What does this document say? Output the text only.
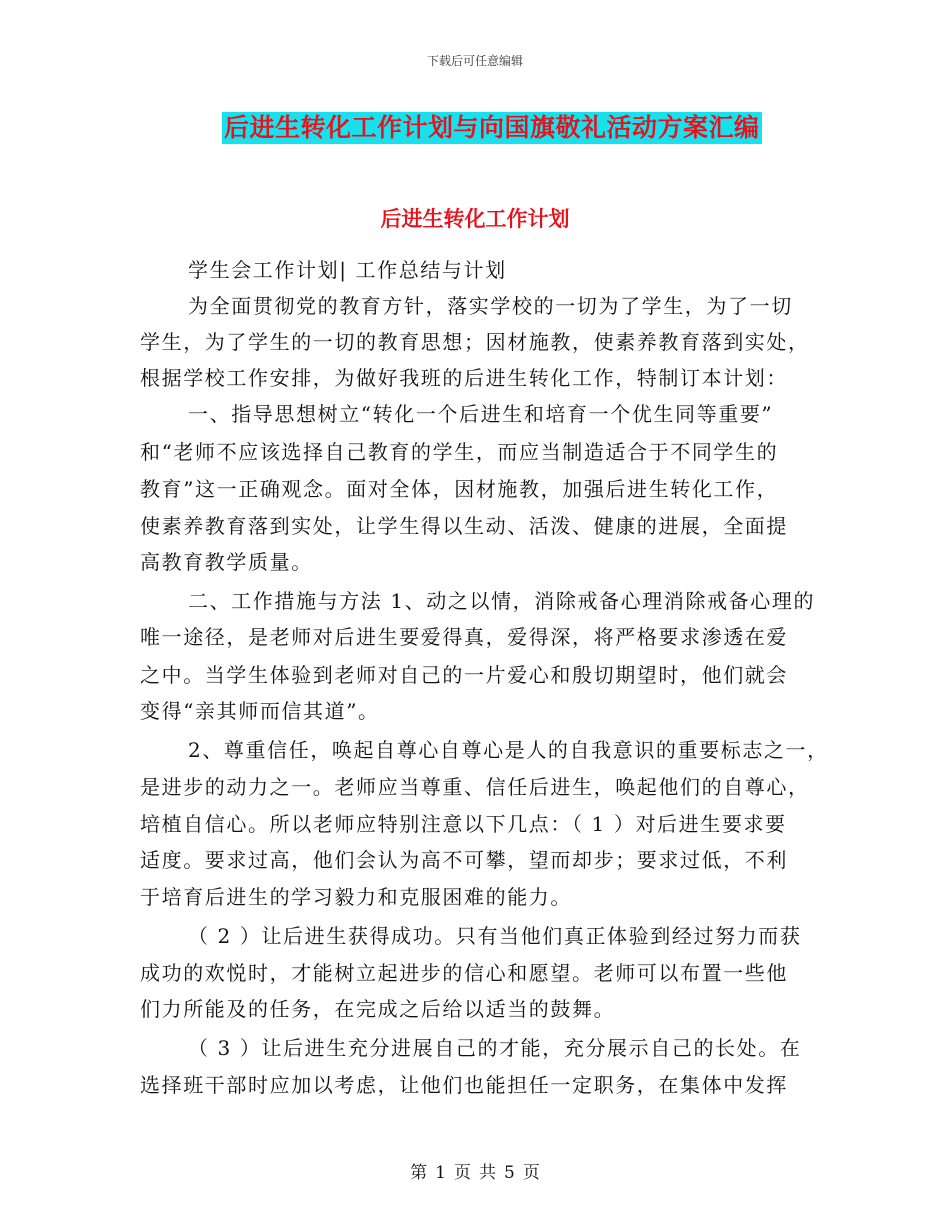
下载后可任意编辑
后进生转化工作计划与向国旗敬礼活动方案汇编
后进生转化工作计划
学生会工作计划| 工作总结与计划
为全面贯彻党的教育方针，落实学校的一切为了学生，为了一切
学生，为了学生的一切的教育思想；因材施教，使素养教育落到实处，
根据学校工作安排，为做好我班的后进生转化工作，特制订本计划：
一、指导思想树立“转化一个后进生和培育一个优生同等重要”
和“老师不应该选择自己教育的学生，而应当制造适合于不同学生的
教育”这一正确观念。面对全体，因材施教，加强后进生转化工作，
使素养教育落到实处，让学生得以生动、活泼、健康的进展，全面提
高教育教学质量。
二、工作措施与方法 1、动之以情，消除戒备心理消除戒备心理的
唯一途径，是老师对后进生要爱得真，爱得深，将严格要求渗透在爱
之中。当学生体验到老师对自己的一片爱心和殷切期望时，他们就会
变得“亲其师而信其道”。
2、尊重信任，唤起自尊心自尊心是人的自我意识的重要标志之一，
是进步的动力之一。老师应当尊重、信任后进生，唤起他们的自尊心，
培植自信心。所以老师应特别注意以下几点：（ 1 ）对后进生要求要
适度。要求过高，他们会认为高不可攀，望而却步；要求过低，不利
于培育后进生的学习毅力和克服困难的能力。
（ 2 ）让后进生获得成功。只有当他们真正体验到经过努力而获
成功的欢悦时，才能树立起进步的信心和愿望。老师可以布置一些他
们力所能及的任务，在完成之后给以适当的鼓舞。
（ 3 ）让后进生充分进展自己的才能，充分展示自己的长处。在
选择班干部时应加以考虑，让他们也能担任一定职务，在集体中发挥
第 1 页 共 5 页
